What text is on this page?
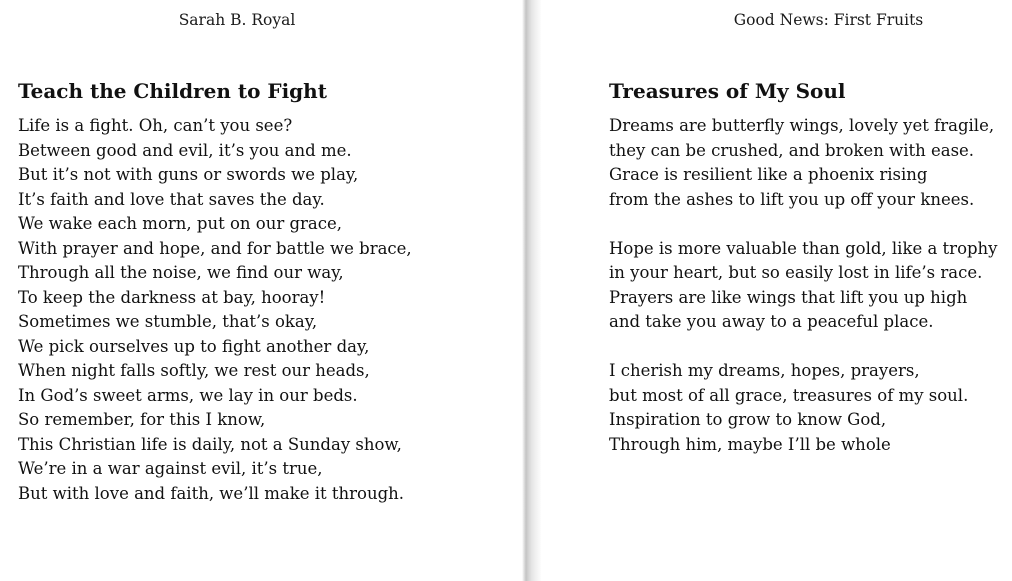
Sarah B. Royal
Teach the Children to Fight
Life is a fight. Oh, can’t you see?
Between good and evil, it’s you and me.
But it’s not with guns or swords we play,
It’s faith and love that saves the day.
We wake each morn, put on our grace,
With prayer and hope, and for battle we brace,
Through all the noise, we find our way,
To keep the darkness at bay, hooray!
Sometimes we stumble, that’s okay,
We pick ourselves up to fight another day,
When night falls softly, we rest our heads,
In God’s sweet arms, we lay in our beds.
So remember, for this I know,
This Christian life is daily, not a Sunday show,
We’re in a war against evil, it’s true,
But with love and faith, we’ll make it through.
Good News: First Fruits
Treasures of My Soul
Dreams are butterfly wings, lovely yet fragile,
they can be crushed, and broken with ease.
Grace is resilient like a phoenix rising
from the ashes to lift you up off your knees.
Hope is more valuable than gold, like a trophy
in your heart, but so easily lost in life’s race.
Prayers are like wings that lift you up high
and take you away to a peaceful place.
I cherish my dreams, hopes, prayers,
but most of all grace, treasures of my soul.
Inspiration to grow to know God,
Through him, maybe I’ll be whole
